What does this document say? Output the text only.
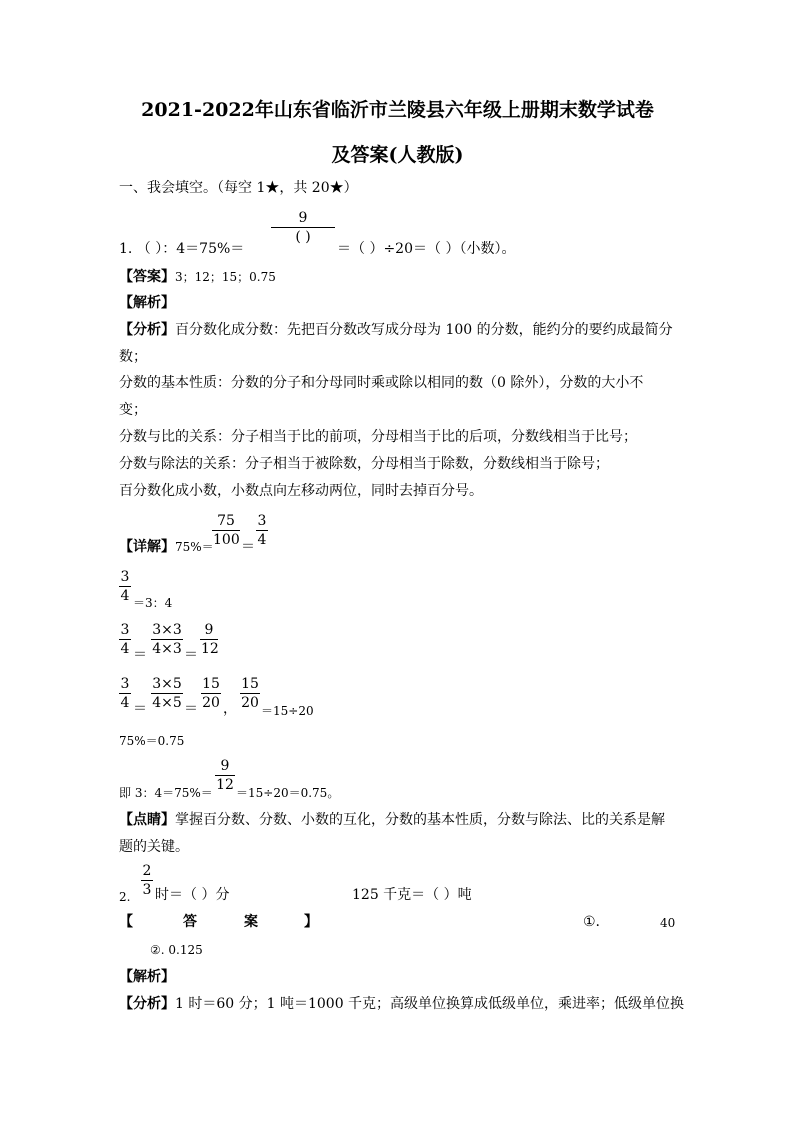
2021-2022年山东省临沂市兰陵县六年级上册期末数学试卷
及答案(人教版)
一、我会填空。（每空 1★，共 20★）
1. （ ）：4＝75%＝
9
( )
＝（ ）÷20＝（ ）（小数）。
【答案】3；12；15；0.75
【解析】
【分析】百分数化成分数：先把百分数改写成分母为 100 的分数，能约分的要约成最简分
数；
分数的基本性质：分数的分子和分母同时乘或除以相同的数（0 除外），分数的大小不
变；
分数与比的关系：分子相当于比的前项，分母相当于比的后项，分数线相当于比号；
分数与除法的关系：分子相当于被除数，分母相当于除数，分数线相当于除号；
百分数化成小数，小数点向左移动两位，同时去掉百分号。
【详解】75%＝
75
100 ＝
3
4
3
4 ＝3：4
3
4 ＝
3×3
4×3 ＝
9
12
3
4 ＝
3×5
4×5 ＝
15
20 ，
15
20 ＝15÷20
75%＝0.75
即 3：4＝75%＝
9
12 ＝15÷20＝0.75。
【点睛】掌握百分数、分数、小数的互化，分数的基本性质，分数与除法、比的关系是解
题的关键。
2.
2
3 时＝（ ）分	125 千克＝（ ）吨
【	答	案	】	①.	40
②. 0.125
【解析】
【分析】1 时＝60 分；1 吨＝1000 千克；高级单位换算成低级单位，乘进率；低级单位换
